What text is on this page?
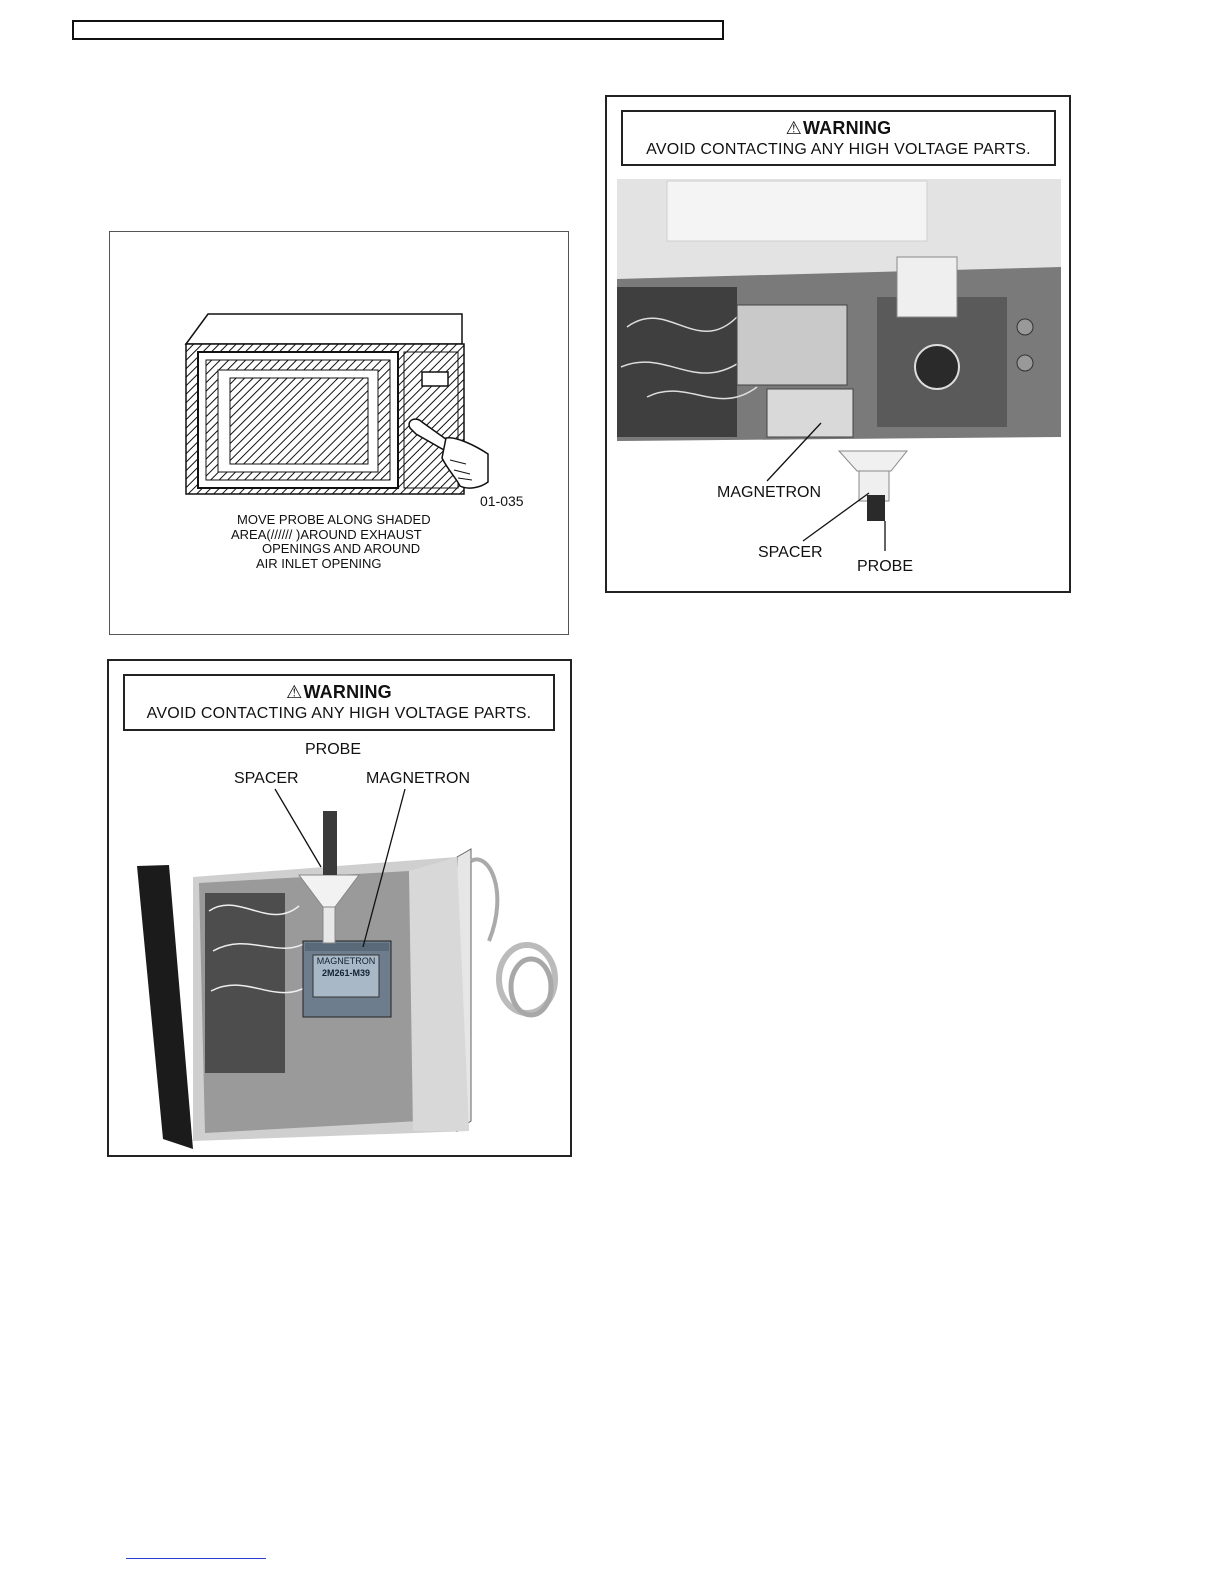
01-035
MOVE PROBE ALONG SHADED
AREA(////// )AROUND EXHAUST
OPENINGS AND AROUND
AIR INLET OPENING
⚠WARNING
AVOID CONTACTING ANY HIGH VOLTAGE PARTS.
PROBE
SPACER	MAGNETRON
MAGNETRON
2M261-M39
⚠WARNING
AVOID CONTACTING ANY HIGH VOLTAGE PARTS.
MAGNETRON
SPACER
PROBE
